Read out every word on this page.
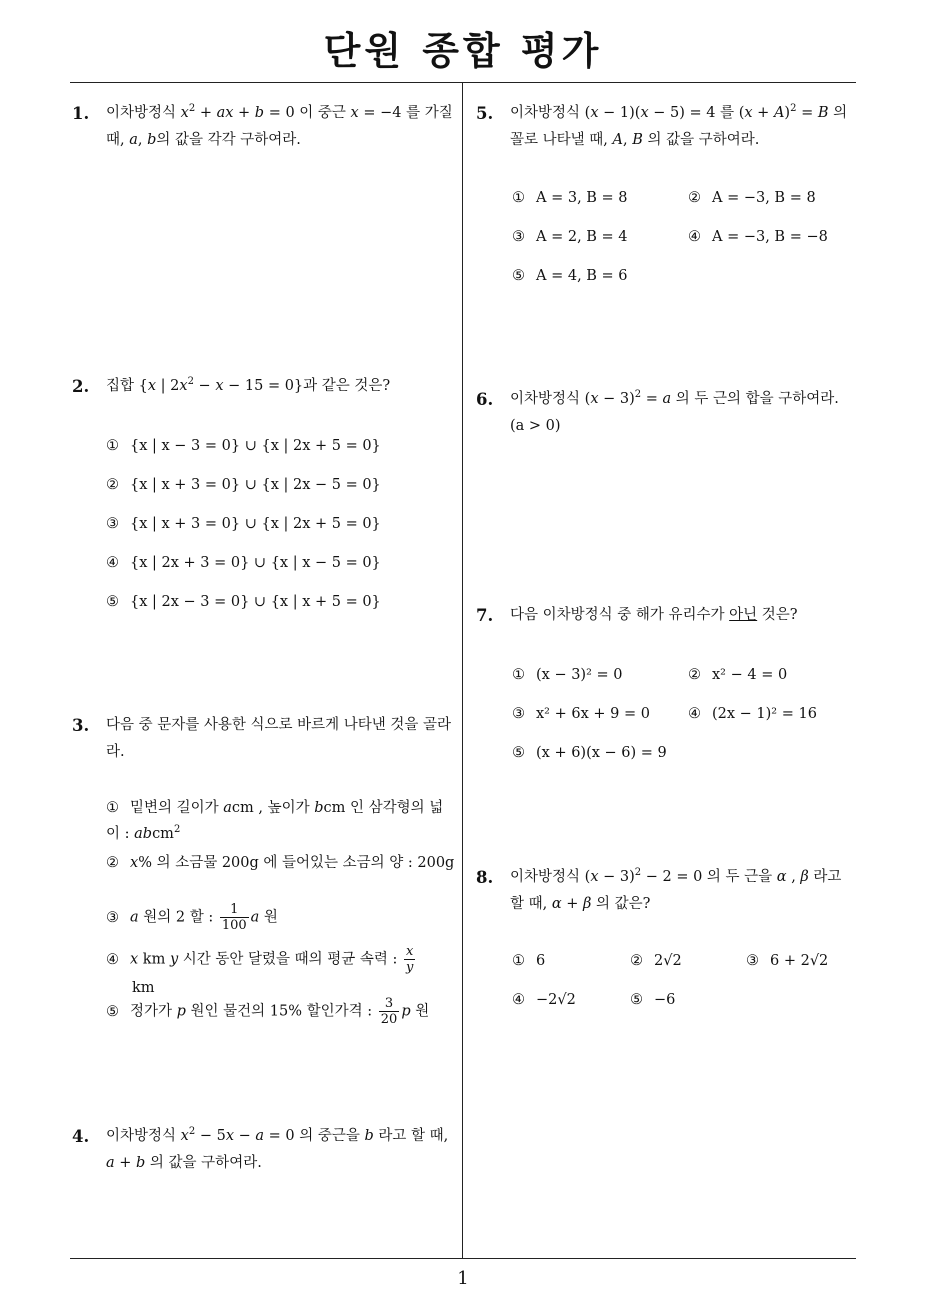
단원 종합 평가
1. 이차방정식 $x^2$ + ax + b = 0 이 중근 x = −4 를 가질 때, a, b의 값을 각각 구하여라.
2. 집합 {x | $2x^2 - x - 15 = 0$}과 같은 것은?
① {x | x − 3 = 0} ∪ {x | 2x + 5 = 0}
② {x | x + 3 = 0} ∪ {x | 2x − 5 = 0}
③ {x | x + 3 = 0} ∪ {x | 2x + 5 = 0}
④ {x | 2x + 3 = 0} ∪ {x | x − 5 = 0}
⑤ {x | 2x − 3 = 0} ∪ {x | x + 5 = 0}
3. 다음 중 문자를 사용한 식으로 바르게 나타낸 것을 골라라.
① 밑변의 길이가 acm , 높이가 bcm 인 삼각형의 넓이 : abcm$^2$
② x% 의 소금물 200g 에 들어있는 소금의 양 : 200g
③ a 원의 2 할 : $\frac{1}{100}$ a 원
④ x km y 시간 동안 달렸을 때의 평균 속력 : $\frac{x}{y}$

km
⑤ 정가가 p 원인 물건의 15% 할인가격 : $\frac{3}{20}$ p 원
4. 이차방정식 $x^2 - 5x - a = 0$ 의 중근을 b 라고 할 때, a + b 의 값을 구하여라.
5. 이차방정식 (x − 1)(x − 5) = 4 를 $(x + A)^2 = B$ 의 꼴로 나타낼 때, A, B 의 값을 구하여라.
① A = 3, B = 8	② A = −3, B = 8
③ A = 2, B = 4	④ A = −3, B = −8
⑤ A = 4, B = 6
6. 이차방정식 $(x - 3)^2 = a$ 의 두 근의 합을 구하여라.
(a > 0)
7. 다음 이차방정식 중 해가 유리수가 아닌 것은?
① (x − 3)² = 0	② x² − 4 = 0
③ x² + 6x + 9 = 0	④ (2x − 1)² = 16
⑤ (x + 6)(x − 6) = 9
8. 이차방정식 $(x - 3)^2 - 2 = 0$ 의 두 근을 α , β 라고 할 때, α + β 의 값은?
① 6	② 2√2	③ 6 + 2√2
④ −2√2	⑤ −6
1
